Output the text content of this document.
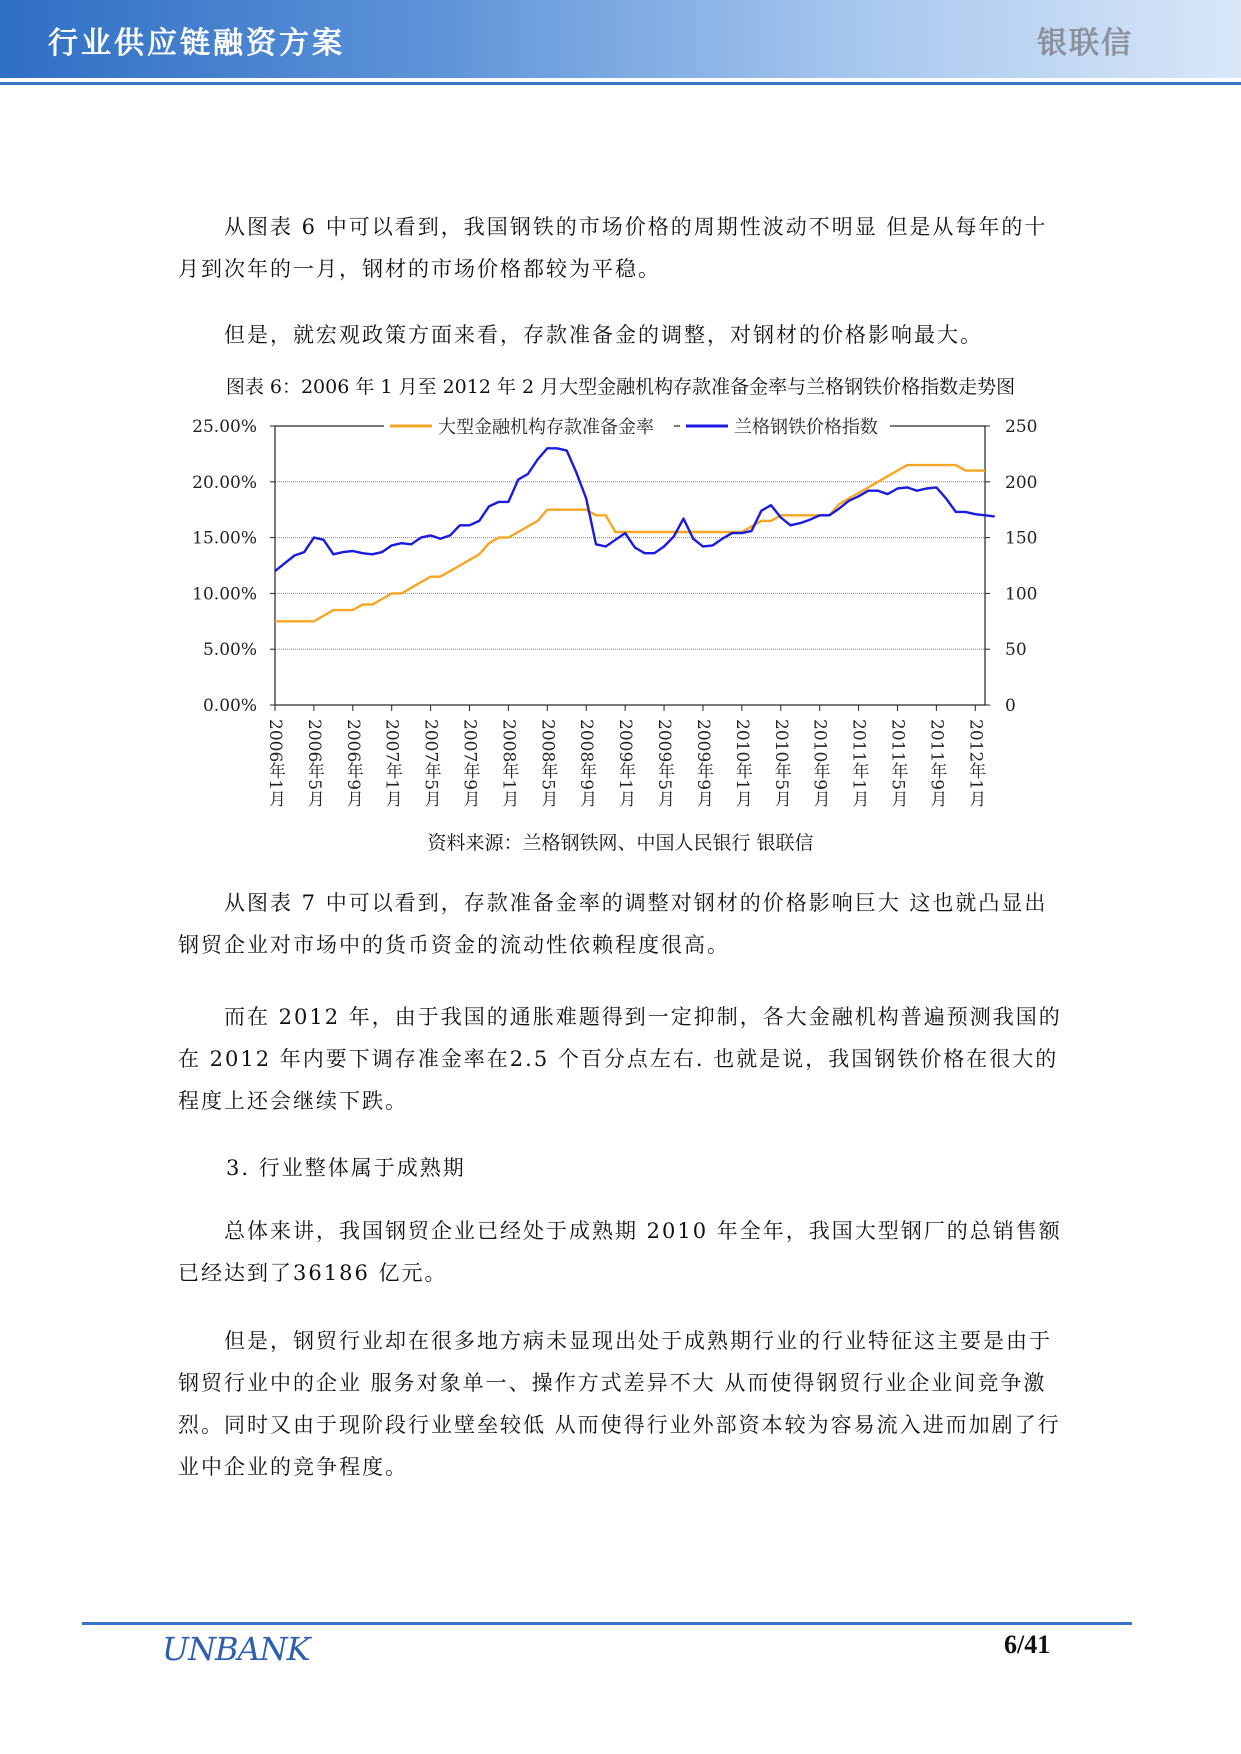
行业供应链融资方案	银联信

从图表 6 中可以看到，我国钢铁的市场价格的周期性波动不明显 但是从每年的十月到次年的一月，钢材的市场价格都较为平稳。

但是，就宏观政策方面来看，存款准备金的调整，对钢材的价格影响最大。

图表 6：2006 年 1 月至 2012 年 2 月大型金融机构存款准备金率与兰格钢铁价格指数走势图
大型金融机构存款准备金率	兰格钢铁价格指数
25.00%	250
20.00%	200
15.00%	150
10.00%	100
5.00%	50
0.00%	0
2006年1月 2006年5月 2006年9月 2007年1月 2007年5月 2007年9月 2008年1月 2008年5月 2008年9月 2009年1月 2009年5月 2009年9月 2010年1月 2010年5月 2010年9月 2011年1月 2011年5月 2011年9月 2012年1月
资料来源：兰格钢铁网、中国人民银行 银联信

从图表 7 中可以看到，存款准备金率的调整对钢材的价格影响巨大 这也就凸显出钢贸企业对市场中的货币资金的流动性依赖程度很高。

而在 2012 年，由于我国的通胀难题得到一定抑制，各大金融机构普遍预测我国的在 2012 年内要下调存准金率在2.5 个百分点左右. 也就是说，我国钢铁价格在很大的程度上还会继续下跌。

3. 行业整体属于成熟期

总体来讲，我国钢贸企业已经处于成熟期 2010 年全年，我国大型钢厂的总销售额已经达到了36186 亿元。

但是，钢贸行业却在很多地方病未显现出处于成熟期行业的行业特征这主要是由于钢贸行业中的企业 服务对象单一、操作方式差异不大 从而使得钢贸行业企业间竞争激烈。同时又由于现阶段行业壁垒较低 从而使得行业外部资本较为容易流入进而加剧了行业中企业的竞争程度。

UNBANK	6/41
